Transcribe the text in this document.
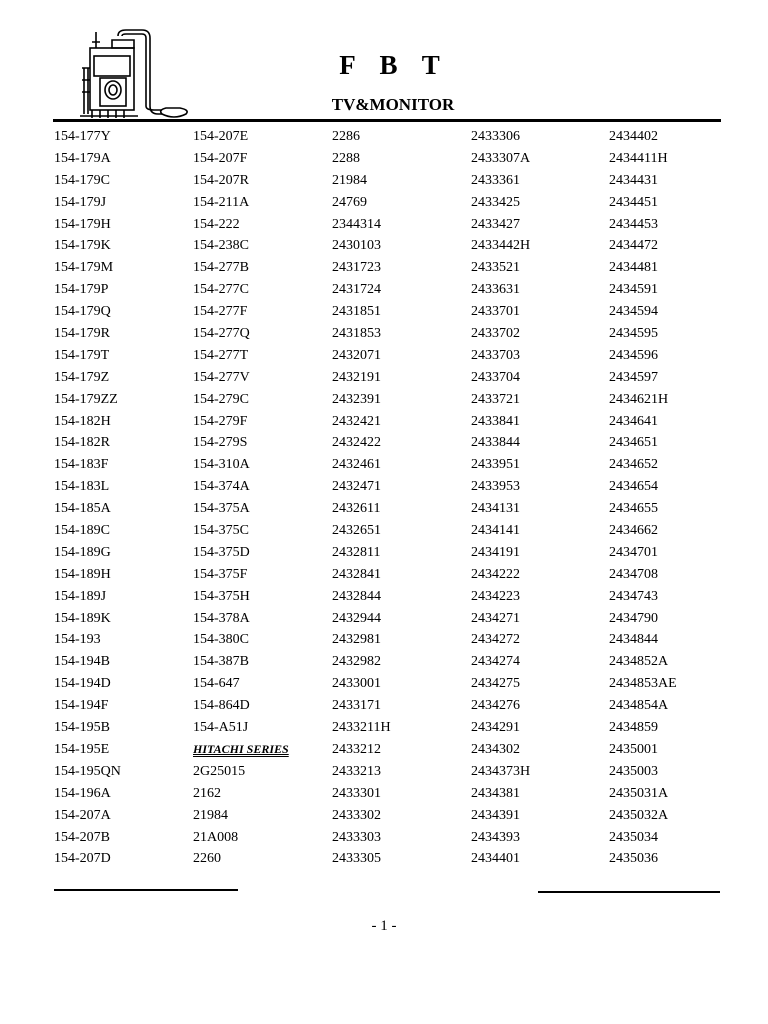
F B T
TV&MONITOR
154-177Y
154-179A
154-179C
154-179J
154-179H
154-179K
154-179M
154-179P
154-179Q
154-179R
154-179T
154-179Z
154-179ZZ
154-182H
154-182R
154-183F
154-183L
154-185A
154-189C
154-189G
154-189H
154-189J
154-189K
154-193
154-194B
154-194D
154-194F
154-195B
154-195E
154-195QN
154-196A
154-207A
154-207B
154-207D
154-207E
154-207F
154-207R
154-211A
154-222
154-238C
154-277B
154-277C
154-277F
154-277Q
154-277T
154-277V
154-279C
154-279F
154-279S
154-310A
154-374A
154-375A
154-375C
154-375D
154-375F
154-375H
154-378A
154-380C
154-387B
154-647
154-864D
154-A51J
HITACHI SERIES
2G25015
2162
21984
21A008
2260
2286
2288
21984
24769
2344314
2430103
2431723
2431724
2431851
2431853
2432071
2432191
2432391
2432421
2432422
2432461
2432471
2432611
2432651
2432811
2432841
2432844
2432944
2432981
2432982
2433001
2433171
2433211H
2433212
2433213
2433301
2433302
2433303
2433305
2433306
2433307A
2433361
2433425
2433427
2433442H
2433521
2433631
2433701
2433702
2433703
2433704
2433721
2433841
2433844
2433951
2433953
2434131
2434141
2434191
2434222
2434223
2434271
2434272
2434274
2434275
2434276
2434291
2434302
2434373H
2434381
2434391
2434393
2434401
2434402
2434411H
2434431
2434451
2434453
2434472
2434481
2434591
2434594
2434595
2434596
2434597
2434621H
2434641
2434651
2434652
2434654
2434655
2434662
2434701
2434708
2434743
2434790
2434844
2434852A
2434853AE
2434854A
2434859
2435001
2435003
2435031A
2435032A
2435034
2435036
- 1 -
